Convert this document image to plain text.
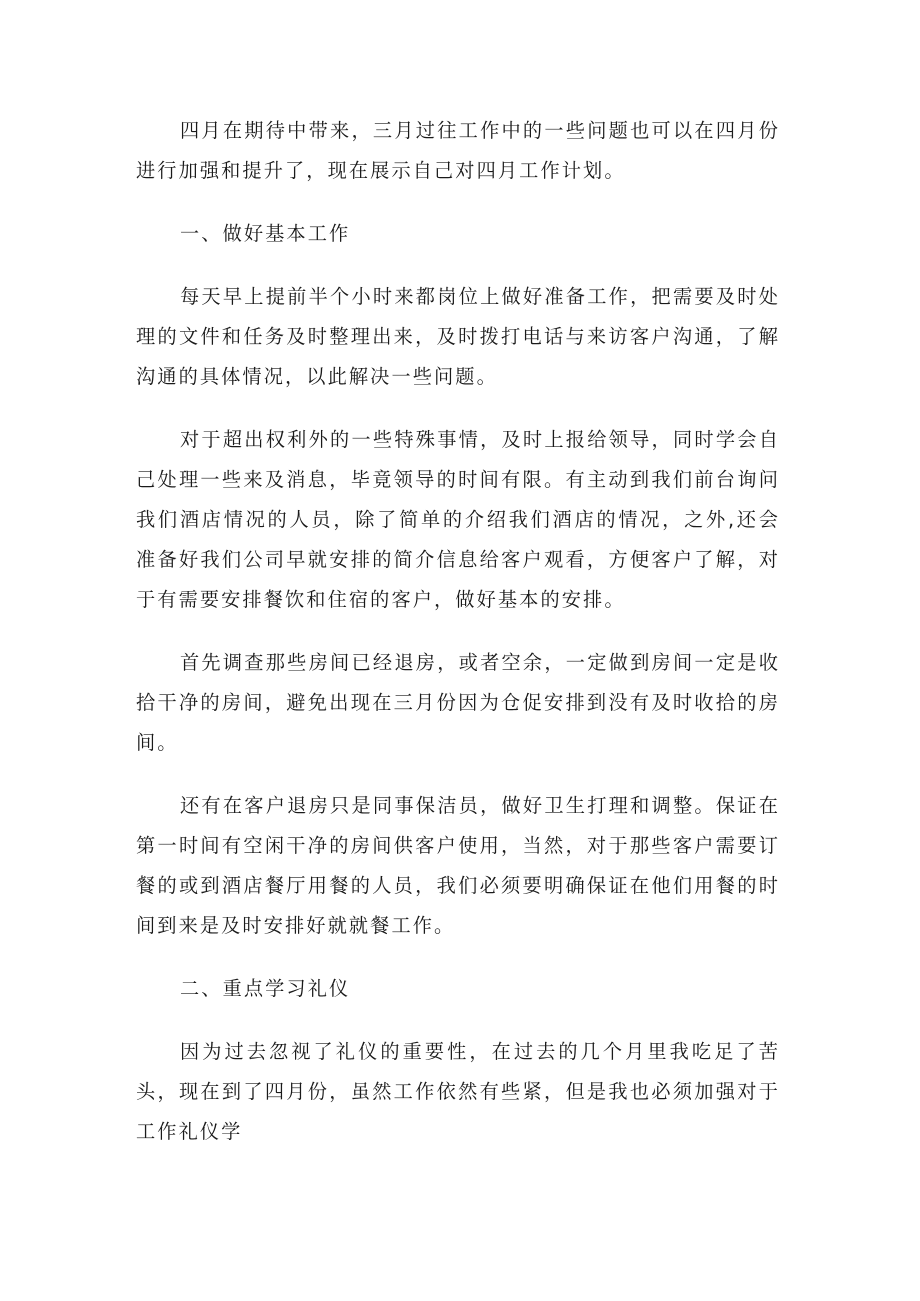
四月在期待中带来，三月过往工作中的一些问题也可以在四月份进行加强和提升了，现在展示自己对四月工作计划。

一、做好基本工作

每天早上提前半个小时来都岗位上做好准备工作，把需要及时处理的文件和任务及时整理出来，及时拨打电话与来访客户沟通，了解沟通的具体情况，以此解决一些问题。

对于超出权利外的一些特殊事情，及时上报给领导，同时学会自己处理一些来及消息，毕竟领导的时间有限。有主动到我们前台询问我们酒店情况的人员，除了简单的介绍我们酒店的情况，之外,还会准备好我们公司早就安排的简介信息给客户观看，方便客户了解，对于有需要安排餐饮和住宿的客户，做好基本的安排。

首先调查那些房间已经退房，或者空余，一定做到房间一定是收拾干净的房间，避免出现在三月份因为仓促安排到没有及时收拾的房间。

还有在客户退房只是同事保洁员，做好卫生打理和调整。保证在第一时间有空闲干净的房间供客户使用，当然，对于那些客户需要订餐的或到酒店餐厅用餐的人员，我们必须要明确保证在他们用餐的时间到来是及时安排好就就餐工作。

二、重点学习礼仪

因为过去忽视了礼仪的重要性，在过去的几个月里我吃足了苦头，现在到了四月份，虽然工作依然有些紧，但是我也必须加强对于工作礼仪学
